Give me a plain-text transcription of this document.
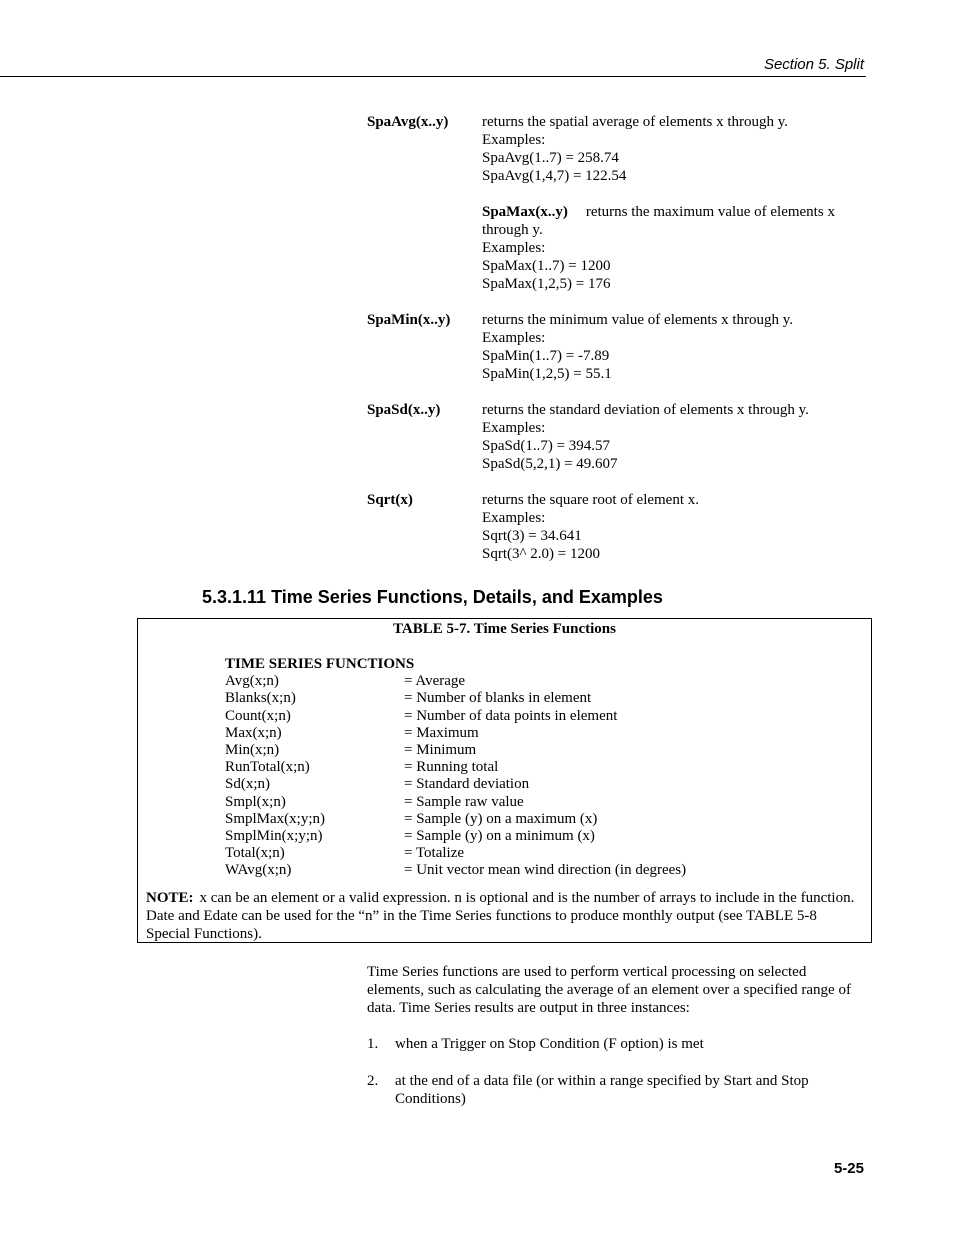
Section 5. Split
SpaAvg(x..y) returns the spatial average of elements x through y.
Examples:
SpaAvg(1..7) = 258.74
SpaAvg(1,4,7) = 122.54
SpaMax(x..y) returns the maximum value of elements x
through y.
Examples:
SpaMax(1..7) = 1200
SpaMax(1,2,5) = 176
SpaMin(x..y) returns the minimum value of elements x through y.
Examples:
SpaMin(1..7) = -7.89
SpaMin(1,2,5) = 55.1
SpaSd(x..y)	returns the standard deviation of elements x through y.
Examples:
SpaSd(1..7) = 394.57
SpaSd(5,2,1) = 49.607
Sqrt(x)	returns the square root of element x.
Examples:
Sqrt(3) = 34.641
Sqrt(3^ 2.0) = 1200
5.3.1.11 Time Series Functions, Details, and Examples
TABLE 5-7. Time Series Functions
TIME SERIES FUNCTIONS
Avg(x;n)	= Average
Blanks(x;n)	= Number of blanks in element
Count(x;n)	= Number of data points in element
Max(x;n)	= Maximum
Min(x;n)	= Minimum
RunTotal(x;n)	= Running total
Sd(x;n)	= Standard deviation
Smpl(x;n)	= Sample raw value
SmplMax(x;y;n)	= Sample (y) on a maximum (x)
SmplMin(x;y;n)	= Sample (y) on a minimum (x)
Total(x;n)	= Totalize
WAvg(x;n)	= Unit vector mean wind direction (in degrees)
NOTE: x can be an element or a valid expression. n is optional and is the number of arrays to include in the function. Date and Edate can be used for the “n” in the Time Series functions to produce monthly output (see TABLE 5-8 Special Functions).

Time Series functions are used to perform vertical processing on selected elements, such as calculating the average of an element over a specified range of data. Time Series results are output in three instances:

1.	when a Trigger on Stop Condition (F option) is met
2.	at the end of a data file (or within a range specified by Start and Stop Conditions)
5-25
